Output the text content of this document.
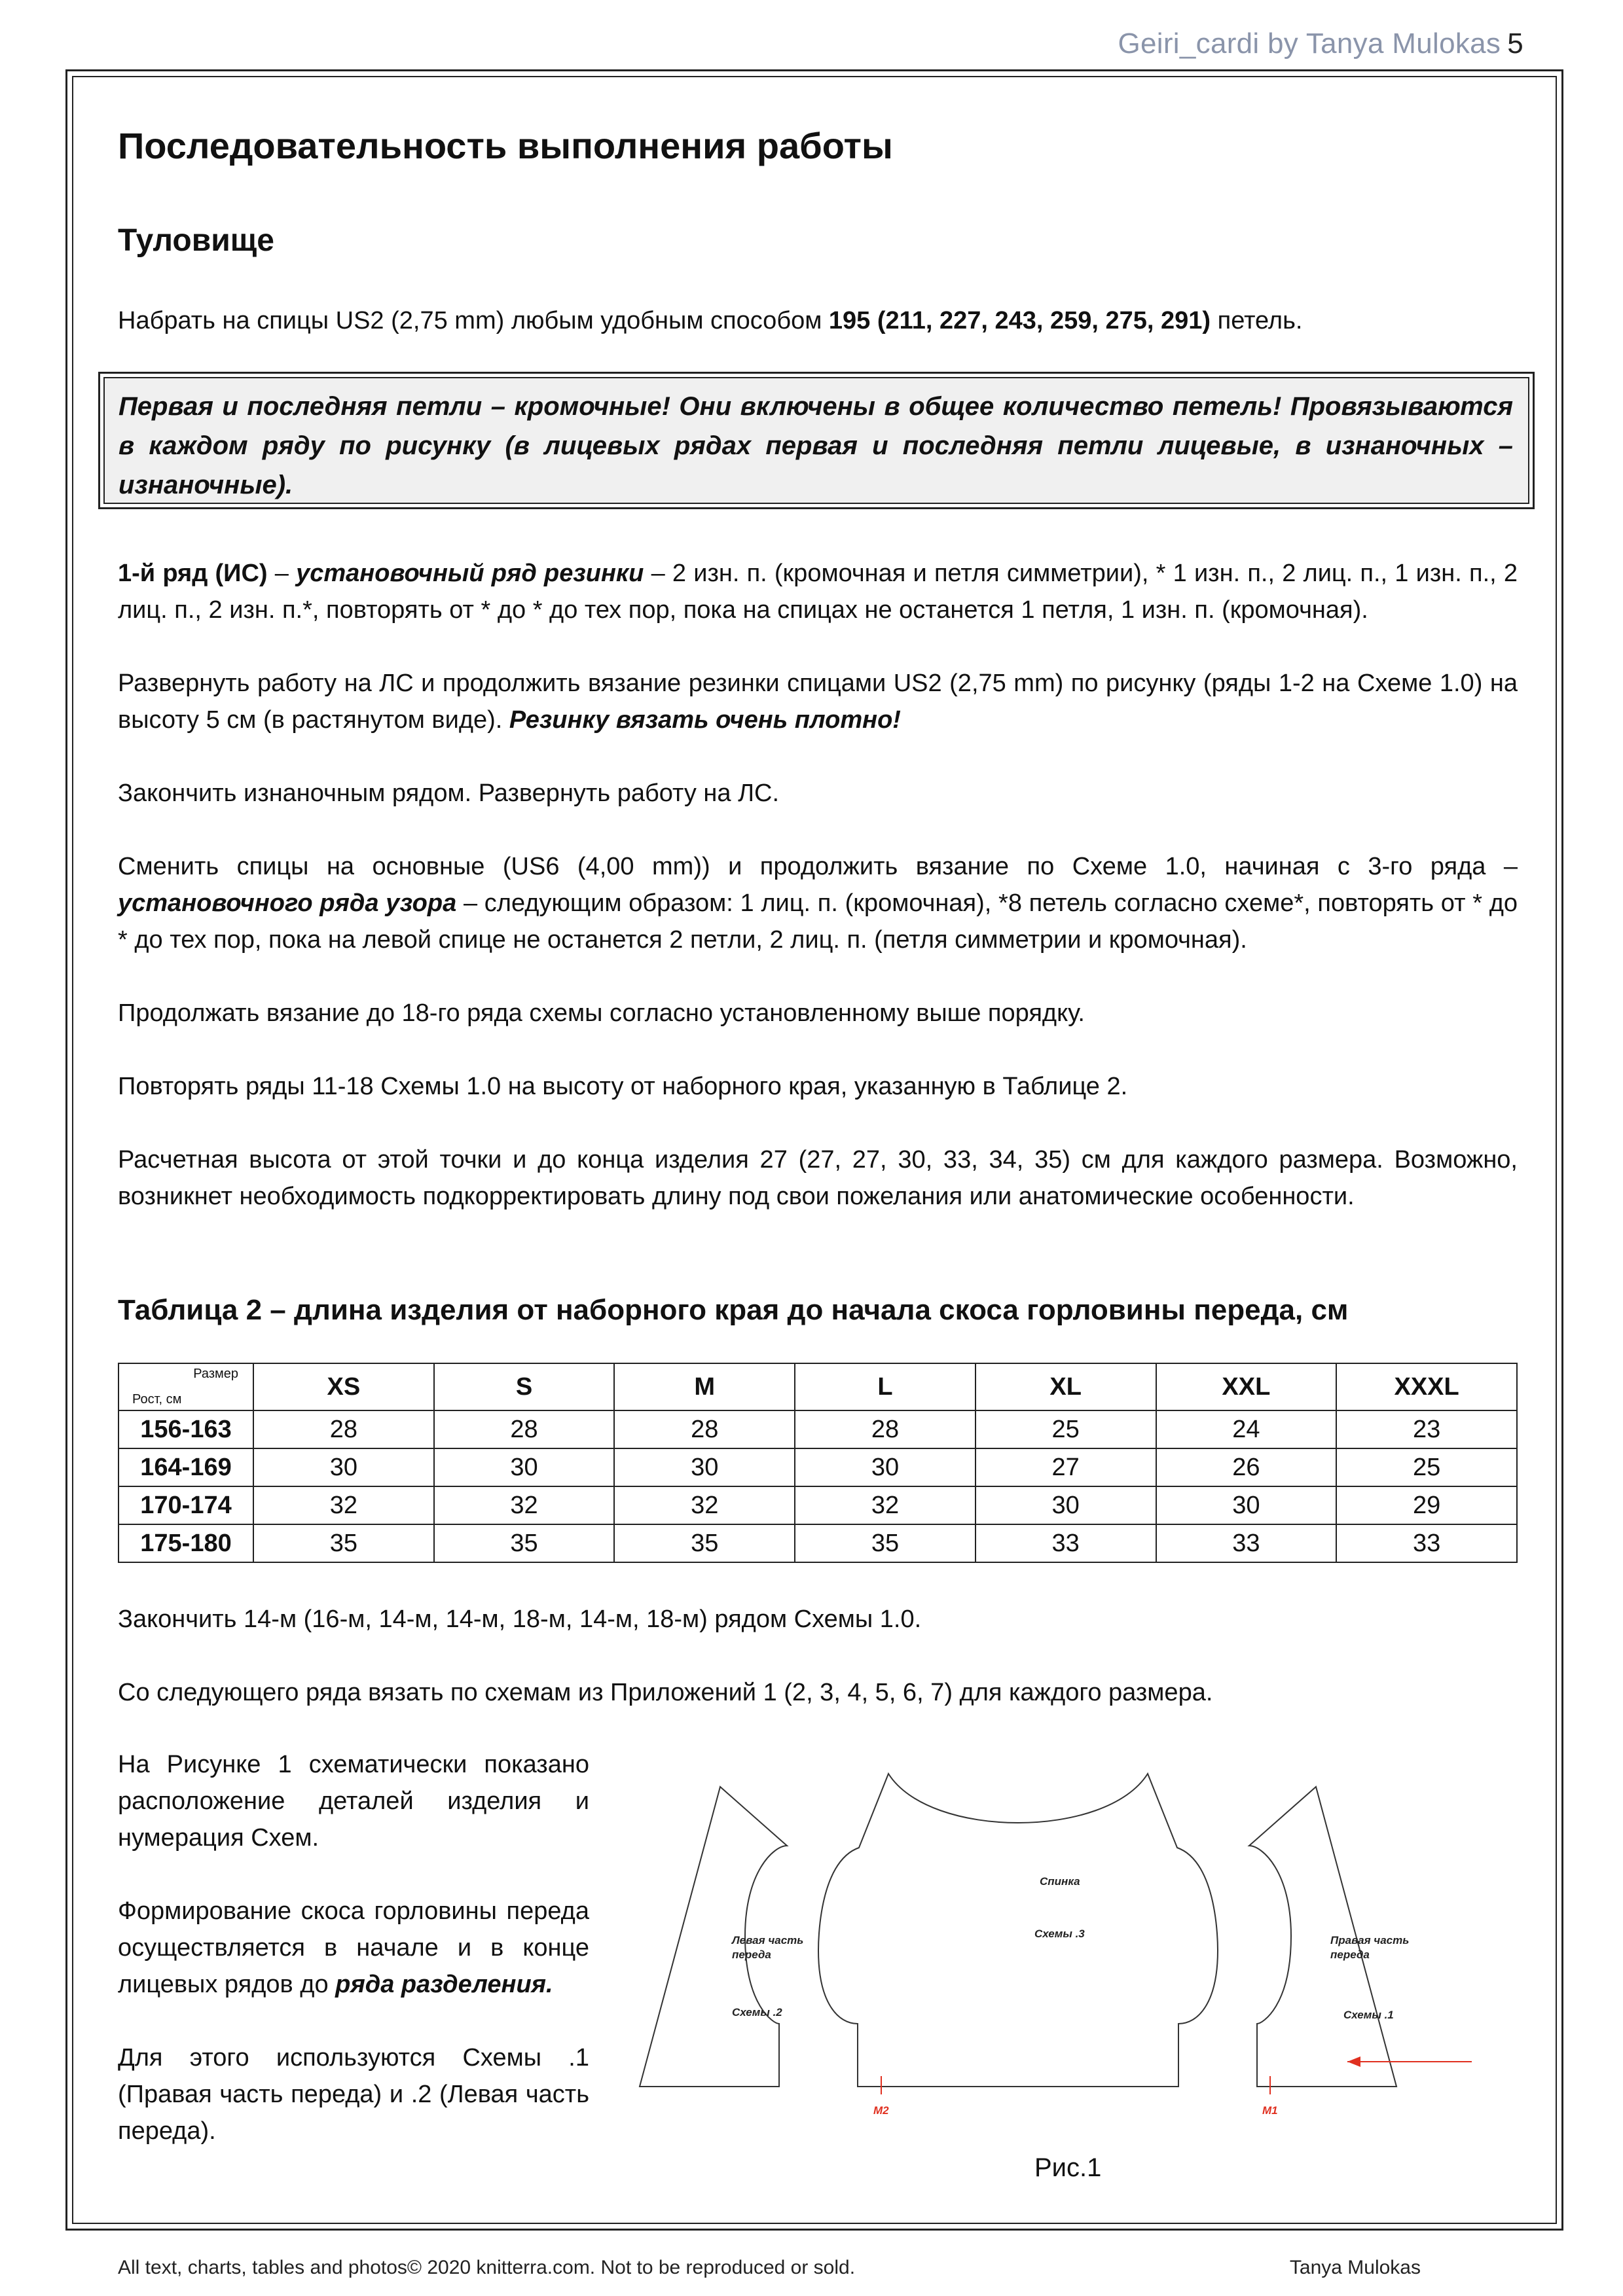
Geiri_cardi by Tanya Mulokas 5
Последовательность выполнения работы
Туловище

Набрать на спицы US2 (2,75 mm) любым удобным способом 195 (211, 227, 243, 259, 275, 291) петель.

Первая и последняя петли – кромочные! Они включены в общее количество петель! Провязываются в каждом ряду по рисунку (в лицевых рядах первая и последняя петли лицевые, в изнаночных – изнаночные).

1-й ряд (ИС) – установочный ряд резинки – 2 изн. п. (кромочная и петля симметрии), * 1 изн. п., 2 лиц. п., 1 изн. п., 2 лиц. п., 2 изн. п.*, повторять от * до * до тех пор, пока на спицах не останется 1 петля, 1 изн. п. (кромочная).

Развернуть работу на ЛС и продолжить вязание резинки спицами US2 (2,75 mm) по рисунку (ряды 1-2 на Схеме 1.0) на высоту 5 см (в растянутом виде). Резинку вязать очень плотно!

Закончить изнаночным рядом. Развернуть работу на ЛС.

Сменить спицы на основные (US6 (4,00 mm)) и продолжить вязание по Схеме 1.0, начиная с 3-го ряда – установочного ряда узора – следующим образом: 1 лиц. п. (кромочная), *8 петель согласно схеме*, повторять от * до * до тех пор, пока на левой спице не останется 2 петли, 2 лиц. п. (петля симметрии и кромочная).

Продолжать вязание до 18-го ряда схемы согласно установленному выше порядку.

Повторять ряды 11-18 Схемы 1.0 на высоту от наборного края, указанную в Таблице 2.

Расчетная высота от этой точки и до конца изделия 27 (27, 27, 30, 33, 34, 35) см для каждого размера. Возможно, возникнет необходимость подкорректировать длину под свои пожелания или анатомические особенности.

Таблица 2 – длина изделия от наборного края до начала скоса горловины переда, см

Размер
Рост, см	XS	S	M	L	XL	XXL	XXXL
156-163	28	28	28	28	25	24	23
164-169	30	30	30	30	27	26	25
170-174	32	32	32	32	30	30	29
175-180	35	35	35	35	33	33	33

Закончить 14-м (16-м, 14-м, 14-м, 18-м, 14-м, 18-м) рядом Схемы 1.0.

Со следующего ряда вязать по схемам из Приложений 1 (2, 3, 4, 5, 6, 7) для каждого размера.

На Рисунке 1 схематически показано расположение деталей изделия и нумерация Схем.

Формирование скоса горловины переда осуществляется в начале и в конце лицевых рядов до ряда разделения.

Для этого используются Схемы .1 (Правая часть переда) и .2 (Левая часть переда).

M2	M1
Спинка
Схемы .3
Левая часть
переда
Схемы .2
Правая часть
переда
Схемы .1
Рис.1
All text, charts, tables and photos© 2020 knitterra.com. Not to be reproduced or sold.	Tanya Mulokas
